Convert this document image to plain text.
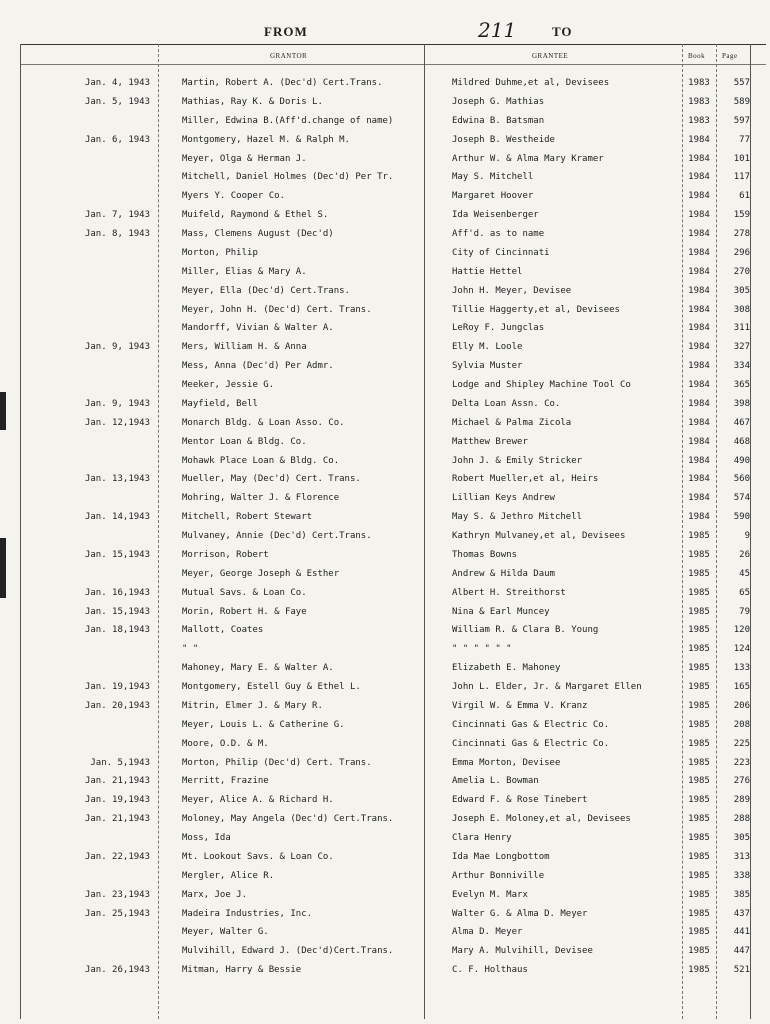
FROM	211	TO
GRANTOR	GRANTEE	Book Page
Jan. 4, 1943	Martin, Robert A. (Dec'd) Cert.Trans.	Mildred Duhme,et al, Devisees	1983	557
Jan. 5, 1943	Mathias, Ray K. & Doris L.	Joseph G. Mathias	1983	589
Miller, Edwina B.(Aff'd.change of name)	Edwina B. Batsman	1983	597
Jan. 6, 1943	Montgomery, Hazel M. & Ralph M.	Joseph B. Westheide	1984	77
Meyer, Olga & Herman J.	Arthur W. & Alma Mary Kramer	1984	101
Mitchell, Daniel Holmes (Dec'd) Per Tr.	May S. Mitchell	1984	117
Myers Y. Cooper Co.	Margaret Hoover	1984	61
Jan. 7, 1943	Muifeld, Raymond & Ethel S.	Ida Weisenberger	1984	159
Jan. 8, 1943	Mass, Clemens August (Dec'd)	Aff'd. as to name	1984	278
Morton, Philip	City of Cincinnati	1984	296
Miller, Elias & Mary A.	Hattie Hettel	1984	270
Meyer, Ella (Dec'd) Cert.Trans.	John H. Meyer, Devisee	1984	305
Meyer, John H. (Dec'd) Cert. Trans.	Tillie Haggerty,et al, Devisees	1984	308
Mandorff, Vivian & Walter A.	LeRoy F. Jungclas	1984	311
Jan. 9, 1943	Mers, William H. & Anna	Elly M. Loole	1984	327
Mess, Anna (Dec'd) Per Admr.	Sylvia Muster	1984	334
Meeker, Jessie G.	Lodge and Shipley Machine Tool Co	1984	365
Jan. 9, 1943	Mayfield, Bell	Delta Loan Assn. Co.	1984	398
Jan. 12,1943	Monarch Bldg. & Loan Asso. Co.	Michael & Palma Zicola	1984	467
Mentor Loan & Bldg. Co.	Matthew Brewer	1984	468
Mohawk Place Loan & Bldg. Co.	John J. & Emily Stricker	1984	490
Jan. 13,1943	Mueller, May (Dec'd) Cert. Trans.	Robert Mueller,et al, Heirs	1984	560
Mohring, Walter J. & Florence	Lillian Keys Andrew	1984	574
Jan. 14,1943	Mitchell, Robert Stewart	May S. & Jethro Mitchell	1984	590
Mulvaney, Annie (Dec'd) Cert.Trans.	Kathryn Mulvaney,et al, Devisees	1985	9
Jan. 15,1943	Morrison, Robert	Thomas Bowns	1985	26
Meyer, George Joseph & Esther	Andrew & Hilda Daum	1985	45
Jan. 16,1943	Mutual Savs. & Loan Co.	Albert H. Streithorst	1985	65
Jan. 15,1943	Morin, Robert H. & Faye	Nina & Earl Muncey	1985	79
Jan. 18,1943	Mallott, Coates	William R. & Clara B. Young	1985	120
" "	" " " " " "	1985	124
Mahoney, Mary E. & Walter A.	Elizabeth E. Mahoney	1985	133
Jan. 19,1943	Montgomery, Estell Guy & Ethel L.	John L. Elder, Jr. & Margaret Ellen	1985	165
Jan. 20,1943	Mitrin, Elmer J. & Mary R.	Virgil W. & Emma V. Kranz	1985	206
Meyer, Louis L. & Catherine G.	Cincinnati Gas & Electric Co.	1985	208
Moore, O.D. & M.	Cincinnati Gas & Electric Co.	1985	225
Jan. 5,1943	Morton, Philip (Dec'd) Cert. Trans.	Emma Morton, Devisee	1985	223
Jan. 21,1943	Merritt, Frazine	Amelia L. Bowman	1985	276
Jan. 19,1943	Meyer, Alice A. & Richard H.	Edward F. & Rose Tinebert	1985	289
Jan. 21,1943	Moloney, May Angela (Dec'd) Cert.Trans.	Joseph E. Moloney,et al, Devisees	1985	288
Moss, Ida	Clara Henry	1985	305
Jan. 22,1943	Mt. Lookout Savs. & Loan Co.	Ida Mae Longbottom	1985	313
Mergler, Alice R.	Arthur Bonniville	1985	338
Jan. 23,1943	Marx, Joe J.	Evelyn M. Marx	1985	385
Jan. 25,1943	Madeira Industries, Inc.	Walter G. & Alma D. Meyer	1985	437
Meyer, Walter G.	Alma D. Meyer	1985	441
Mulvihill, Edward J. (Dec'd)Cert.Trans.	Mary A. Mulvihill, Devisee	1985	447
Jan. 26,1943	Mitman, Harry & Bessie	C. F. Holthaus	1985	521
